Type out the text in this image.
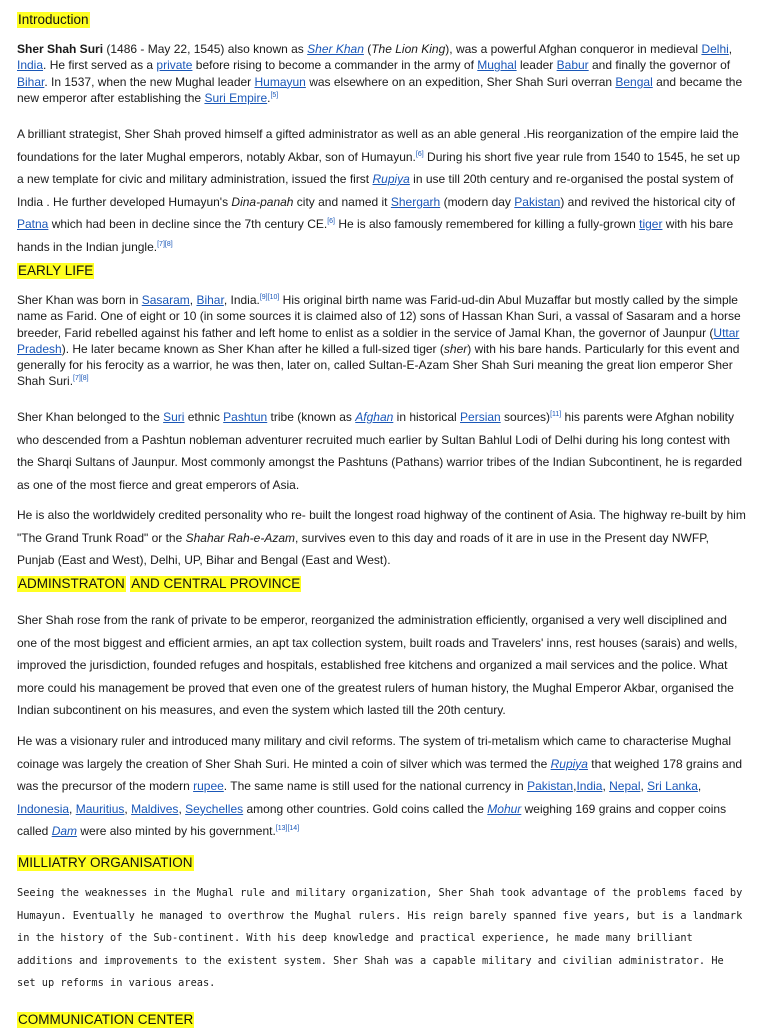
Introduction

Sher Shah Suri (1486 - May 22, 1545) also known as Sher Khan (The Lion King), was a powerful Afghan conqueror in medieval Delhi, India. He first served as a private before rising to become a commander in the army of Mughal leader Babur and finally the governor of Bihar. In 1537, when the new Mughal leader Humayun was elsewhere on an expedition, Sher Shah Suri overran Bengal and became the new emperor after establishing the Suri Empire.[5]

A brilliant strategist, Sher Shah proved himself a gifted administrator as well as an able general .His reorganization of the empire laid the foundations for the later Mughal emperors, notably Akbar, son of Humayun.[6] During his short five year rule from 1540 to 1545, he set up a new template for civic and military administration, issued the first Rupiya in use till 20th century and re-organised the postal system of India . He further developed Humayun's Dina-panah city and named it Shergarh (modern day Pakistan) and revived the historical city of Patna which had been in decline since the 7th century CE.[6] He is also famously remembered for killing a fully-grown tiger with his bare hands in the Indian jungle.[7][8]

EARLY LIFE

Sher Khan was born in Sasaram, Bihar, India.[9][10] His original birth name was Farid-ud-din Abul Muzaffar but mostly called by the simple name as Farid. One of eight or 10 (in some sources it is claimed also of 12) sons of Hassan Khan Suri, a vassal of Sasaram and a horse breeder, Farid rebelled against his father and left home to enlist as a soldier in the service of Jamal Khan, the governor of Jaunpur (Uttar Pradesh). He later became known as Sher Khan after he killed a full-sized tiger (sher) with his bare hands. Particularly for this event and generally for his ferocity as a warrior, he was then, later on, called Sultan-E-Azam Sher Shah Suri meaning the great lion emperor Sher Shah Suri.[7][8]

Sher Khan belonged to the Suri ethnic Pashtun tribe (known as Afghan in historical Persian sources)[11] his parents were Afghan nobility who descended from a Pashtun nobleman adventurer recruited much earlier by Sultan Bahlul Lodi of Delhi during his long contest with the Sharqi Sultans of Jaunpur. Most commonly amongst the Pashtuns (Pathans) warrior tribes of the Indian Subcontinent, he is regarded as one of the most fierce and great emperors of Asia.

He is also the worldwidely credited personality who re- built the longest road highway of the continent of Asia. The highway re-built by him "The Grand Trunk Road" or the Shahar Rah-e-Azam, survives even to this day and roads of it are in use in the Present day NWFP, Punjab (East and West), Delhi, UP, Bihar and Bengal (East and West).

ADMINSTRATON AND CENTRAL PROVINCE

Sher Shah rose from the rank of private to be emperor, reorganized the administration efficiently, organised a very well disciplined and one of the most biggest and efficient armies, an apt tax collection system, built roads and Travelers' inns, rest houses (sarais) and wells, improved the jurisdiction, founded refuges and hospitals, established free kitchens and organized a mail services and the police. What more could his management be proved that even one of the greatest rulers of human history, the Mughal Emperor Akbar, organised the Indian subcontinent on his measures, and even the system which lasted till the 20th century.

He was a visionary ruler and introduced many military and civil reforms. The system of tri-metalism which came to characterise Mughal coinage was largely the creation of Sher Shah Suri. He minted a coin of silver which was termed the Rupiya that weighed 178 grains and was the precursor of the modern rupee. The same name is still used for the national currency in Pakistan,India, Nepal, Sri Lanka, Indonesia, Mauritius, Maldives, Seychelles among other countries. Gold coins called the Mohur weighing 169 grains and copper coins called Dam were also minted by his government.[13][14]

MILLIATRY ORGANISATION

Seeing the weaknesses in the Mughal rule and military organization, Sher Shah took advantage of the problems faced by Humayun. Eventually he managed to overthrow the Mughal rulers. His reign barely spanned five years, but is a landmark in the history of the Sub-continent. With his deep knowledge and practical experience, he made many brilliant additions and improvements to the existent system. Sher Shah was a capable military and civilian administrator. He set up reforms in various areas.

COMMUNICATION CENTER
